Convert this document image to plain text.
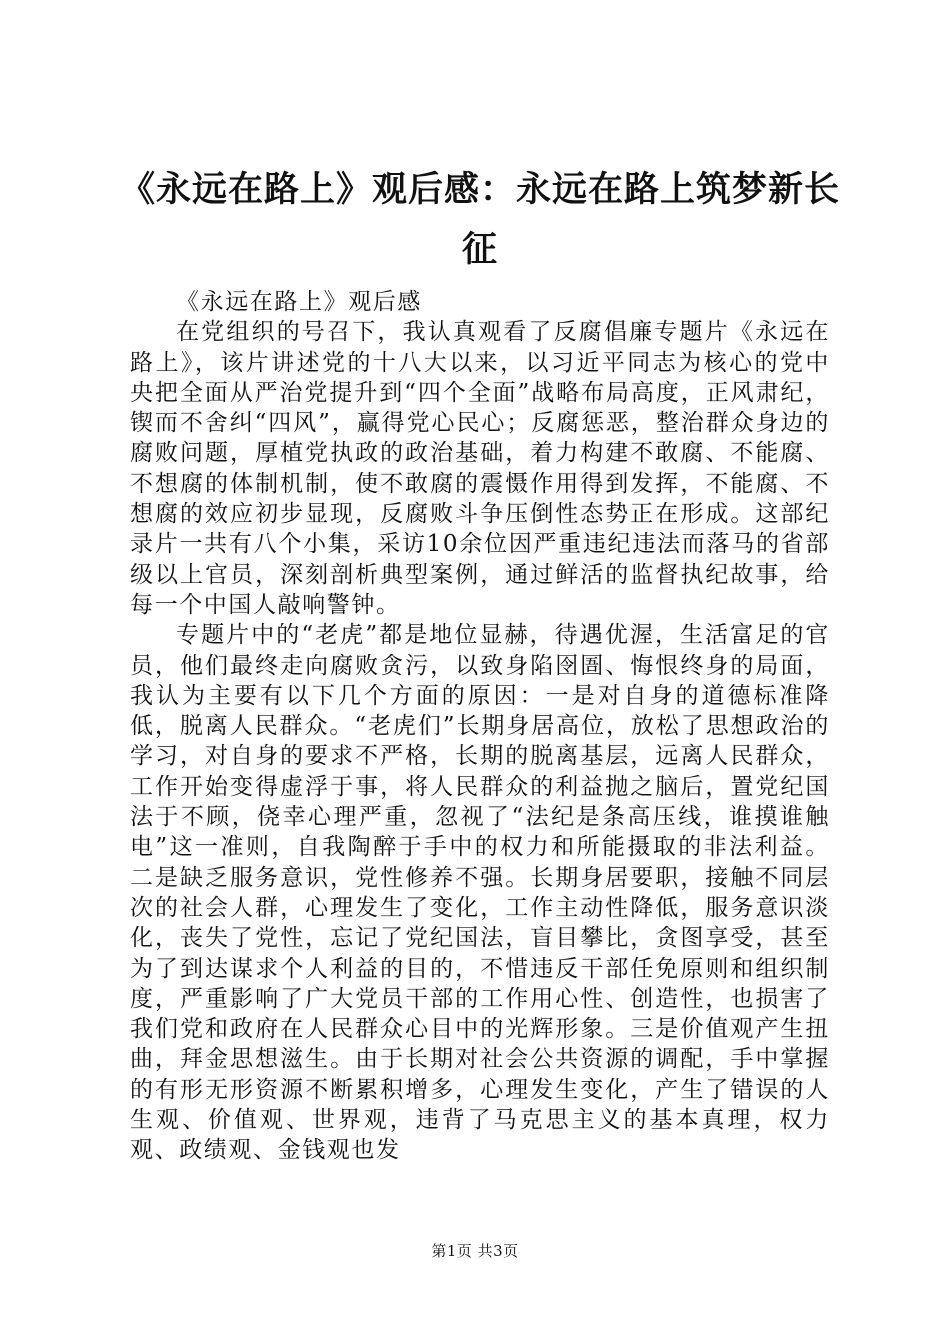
《永远在路上》观后感：永远在路上筑梦新长征

《永远在路上》观后感

在党组织的号召下，我认真观看了反腐倡廉专题片《永远在路上》，该片讲述党的十八大以来，以习近平同志为核心的党中央把全面从严治党提升到“四个全面”战略布局高度，正风肃纪，锲而不舍纠“四风”，赢得党心民心；反腐惩恶，整治群众身边的腐败问题，厚植党执政的政治基础，着力构建不敢腐、不能腐、不想腐的体制机制，使不敢腐的震慑作用得到发挥，不能腐、不想腐的效应初步显现，反腐败斗争压倒性态势正在形成。这部纪录片一共有八个小集，采访10余位因严重违纪违法而落马的省部级以上官员，深刻剖析典型案例，通过鲜活的监督执纪故事，给每一个中国人敲响警钟。

专题片中的“老虎”都是地位显赫，待遇优渥，生活富足的官员，他们最终走向腐败贪污，以致身陷囹圄、悔恨终身的局面，我认为主要有以下几个方面的原因：一是对自身的道德标准降低，脱离人民群众。“老虎们”长期身居高位，放松了思想政治的学习，对自身的要求不严格，长期的脱离基层，远离人民群众，工作开始变得虚浮于事，将人民群众的利益抛之脑后，置党纪国法于不顾，侥幸心理严重，忽视了“法纪是条高压线，谁摸谁触电”这一准则，自我陶醉于手中的权力和所能摄取的非法利益。二是缺乏服务意识，党性修养不强。长期身居要职，接触不同层次的社会人群，心理发生了变化，工作主动性降低，服务意识淡化，丧失了党性，忘记了党纪国法，盲目攀比，贪图享受，甚至为了到达谋求个人利益的目的，不惜违反干部任免原则和组织制度，严重影响了广大党员干部的工作用心性、创造性，也损害了我们党和政府在人民群众心目中的光辉形象。三是价值观产生扭曲，拜金思想滋生。由于长期对社会公共资源的调配，手中掌握的有形无形资源不断累积增多，心理发生变化，产生了错误的人生观、价值观、世界观，违背了马克思主义的基本真理，权力观、政绩观、金钱观也发

第1页 共3页
